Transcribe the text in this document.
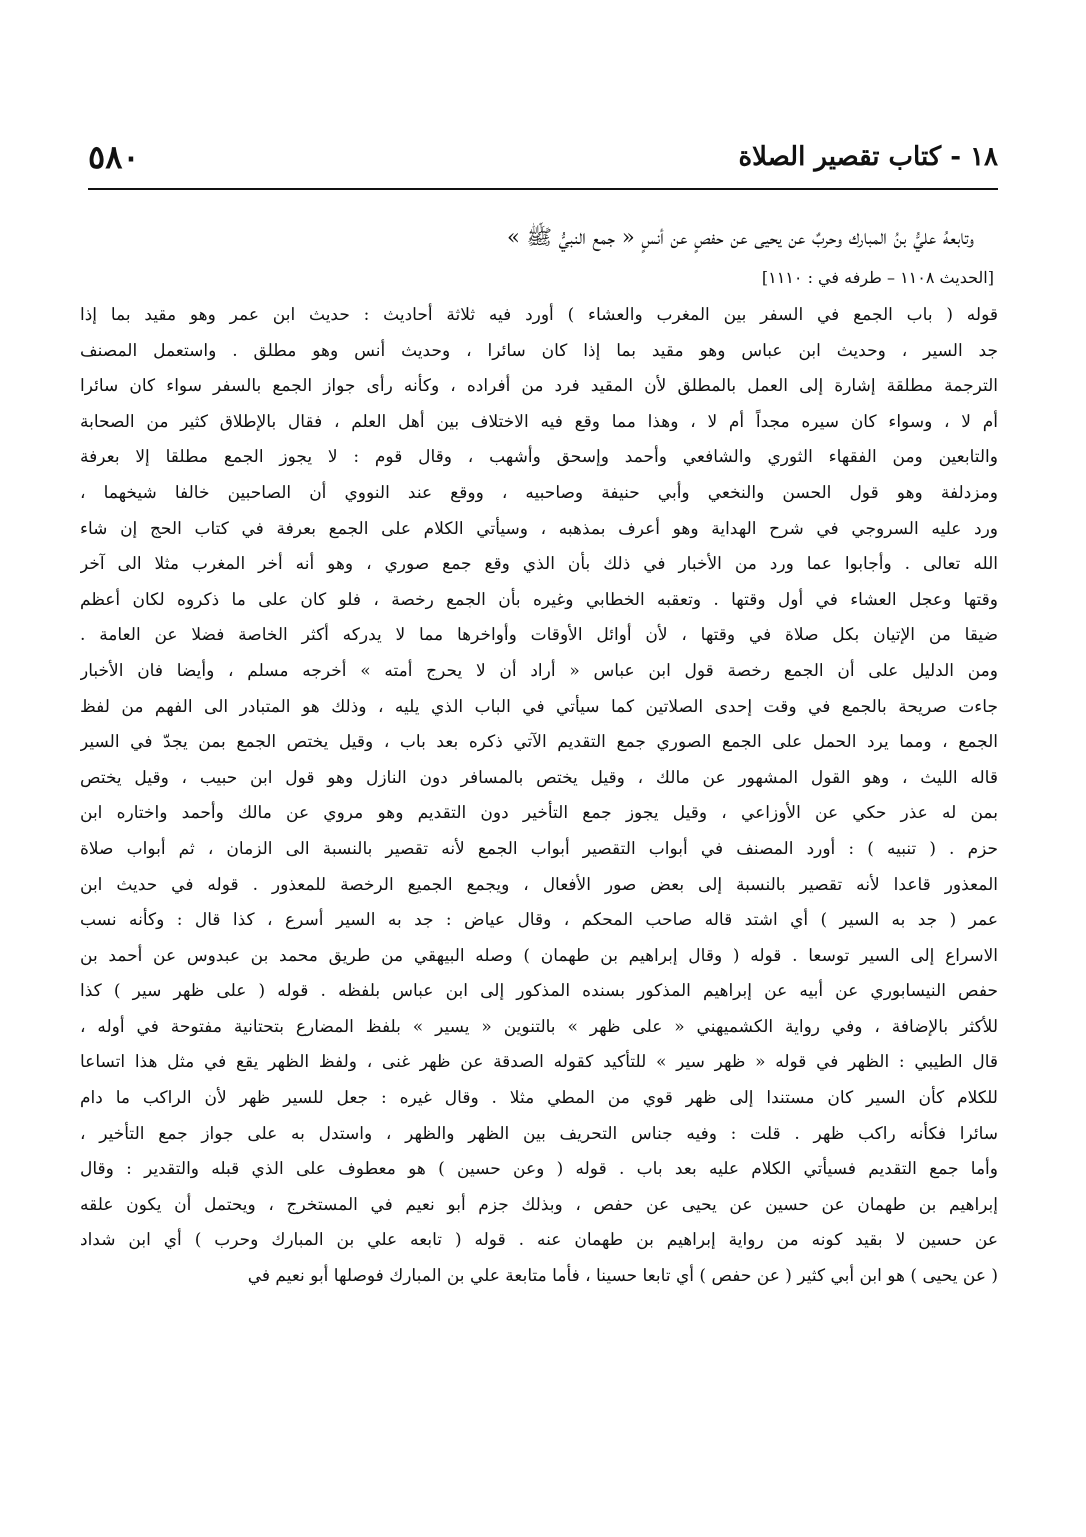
١٨ - كتاب تقصير الصلاة
٥٨٠
وتابعهُ عليُّ بنُ المبارك وحربٌ عن يحيى عن حفصٍ عن أنسٍ « جمع النبيُّ ﷺ »
[الحديث ١١٠٨ – طرفه في : ١١١٠]
قوله ( باب الجمع في السفر بين المغرب والعشاء ) أورد فيه ثلاثة أحاديث : حديث ابن عمر وهو مقيد بما إذا
جد السير ، وحديث ابن عباس وهو مقيد بما إذا كان سائرا ، وحديث أنس وهو مطلق . واستعمل المصنف
الترجمة مطلقة إشارة إلى العمل بالمطلق لأن المقيد فرد من أفراده ، وكأنه رأى جواز الجمع بالسفر سواء كان سائرا
أم لا ، وسواء كان سيره مجداً أم لا ، وهذا مما وقع فيه الاختلاف بين أهل العلم ، فقال بالإطلاق كثير من الصحابة
والتابعين ومن الفقهاء الثوري والشافعي وأحمد وإسحق وأشهب ، وقال قوم : لا يجوز الجمع مطلقا إلا بعرفة
ومزدلفة وهو قول الحسن والنخعي وأبي حنيفة وصاحبيه ، ووقع عند النووي أن الصاحبين خالفا شيخهما ،
ورد عليه السروجي في شرح الهداية وهو أعرف بمذهبه ، وسيأتي الكلام على الجمع بعرفة في كتاب الحج إن شاء
الله تعالى . وأجابوا عما ورد من الأخبار في ذلك بأن الذي وقع جمع صوري ، وهو أنه أخر المغرب مثلا الى آخر
وقتها وعجل العشاء في أول وقتها . وتعقبه الخطابي وغيره بأن الجمع رخصة ، فلو كان على ما ذكروه لكان أعظم
ضيقا من الإتيان بكل صلاة في وقتها ، لأن أوائل الأوقات وأواخرها مما لا يدركه أكثر الخاصة فضلا عن العامة .
ومن الدليل على أن الجمع رخصة قول ابن عباس « أراد أن لا يحرج أمته » أخرجه مسلم ، وأيضا فان الأخبار
جاءت صريحة بالجمع في وقت إحدى الصلاتين كما سيأتي في الباب الذي يليه ، وذلك هو المتبادر الى الفهم من لفظ
الجمع ، ومما يرد الحمل على الجمع الصوري جمع التقديم الآتي ذكره بعد باب ، وقيل يختص الجمع بمن يجدّ في السير
قاله الليث ، وهو القول المشهور عن مالك ، وقيل يختص بالمسافر دون النازل وهو قول ابن حبيب ، وقيل يختص
بمن له عذر حكي عن الأوزاعي ، وقيل يجوز جمع التأخير دون التقديم وهو مروي عن مالك وأحمد واختاره ابن
حزم . ( تنبيه ) : أورد المصنف في أبواب التقصير أبواب الجمع لأنه تقصير بالنسبة الى الزمان ، ثم أبواب صلاة
المعذور قاعدا لأنه تقصير بالنسبة إلى بعض صور الأفعال ، ويجمع الجميع الرخصة للمعذور . قوله في حديث ابن
عمر ( جد به السير ) أي اشتد قاله صاحب المحكم ، وقال عياض : جد به السير أسرع ، كذا قال : وكأنه نسب
الاسراع إلى السير توسعا . قوله ( وقال إبراهيم بن طهمان ) وصله البيهقي من طريق محمد بن عبدوس عن أحمد بن
حفص النيسابوري عن أبيه عن إبراهيم المذكور بسنده المذكور إلى ابن عباس بلفظه . قوله ( على ظهر سير ) كذا
للأكثر بالإضافة ، وفي رواية الكشميهني « على ظهر » بالتنوين « يسير » بلفظ المضارع بتحتانية مفتوحة في أوله ،
قال الطيبي : الظهر في قوله « ظهر سير » للتأكيد كقوله الصدقة عن ظهر غنى ، ولفظ الظهر يقع في مثل هذا اتساعا
للكلام كأن السير كان مستندا إلى ظهر قوي من المطي مثلا . وقال غيره : جعل للسير ظهر لأن الراكب ما دام
سائرا فكأنه راكب ظهر . قلت : وفيه جناس التحريف بين الظهر والظهر ، واستدل به على جواز جمع التأخير ،
وأما جمع التقديم فسيأتي الكلام عليه بعد باب . قوله ( وعن حسين ) هو معطوف على الذي قبله والتقدير : وقال
إبراهيم بن طهمان عن حسين عن يحيى عن حفص ، وبذلك جزم أبو نعيم في المستخرج ، ويحتمل أن يكون علقه
عن حسين لا بقيد كونه من رواية إبراهيم بن طهمان عنه . قوله ( تابعه علي بن المبارك وحرب ) أي ابن شداد
( عن يحيى ) هو ابن أبي كثير ( عن حفص ) أي تابعا حسينا ، فأما متابعة علي بن المبارك فوصلها أبو نعيم في
